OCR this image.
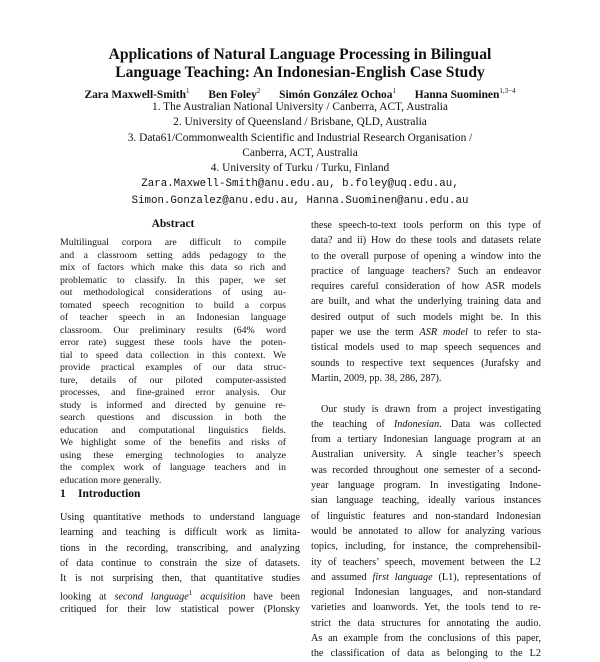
Applications of Natural Language Processing in Bilingual
Language Teaching: An Indonesian-English Case Study
Zara Maxwell-Smith$^1$ Ben Foley$^2$ Simón González Ochoa$^1$ Hanna Suominen$^{1,3-4}$
1. The Australian National University / Canberra, ACT, Australia
2. University of Queensland / Brisbane, QLD, Australia
3. Data61/Commonwealth Scientific and Industrial Research Organisation /
Canberra, ACT, Australia
4. University of Turku / Turku, Finland
Zara.Maxwell-Smith@anu.edu.au, b.foley@uq.edu.au,
Simon.Gonzalez@anu.edu.au, Hanna.Suominen@anu.edu.au
Abstract
Multilingual corpora are difficult to compile
and a classroom setting adds pedagogy to the
mix of factors which make this data so rich and
problematic to classify. In this paper, we set
out methodological considerations of using au-
tomated speech recognition to build a corpus
of teacher speech in an Indonesian language
classroom. Our preliminary results (64% word
error rate) suggest these tools have the poten-
tial to speed data collection in this context. We
provide practical examples of our data struc-
ture, details of our piloted computer-assisted
processes, and fine-grained error analysis. Our
study is informed and directed by genuine re-
search questions and discussion in both the
education and computational linguistics fields.
We highlight some of the benefits and risks of
using these emerging technologies to analyze
the complex work of language teachers and in
education more generally.
1 Introduction
Using quantitative methods to understand language
learning and teaching is difficult work as limita-
tions in the recording, transcribing, and analyzing
of data continue to constrain the size of datasets.
It is not surprising then, that quantitative studies
looking at second language$^1$ acquisition have been
critiqued for their low statistical power (Plonsky
these speech-to-text tools perform on this type of
data? and ii) How do these tools and datasets relate
to the overall purpose of opening a window into the
practice of language teachers? Such an endeavor
requires careful consideration of how ASR models
are built, and what the underlying training data and
desired output of such models might be. In this
paper we use the term ASR model to refer to sta-
tistical models used to map speech sequences and
sounds to respective text sequences (Jurafsky and
Martin, 2009, pp. 38, 286, 287).
Our study is drawn from a project investigating
the teaching of Indonesian. Data was collected
from a tertiary Indonesian language program at an
Australian university. A single teacher’s speech
was recorded throughout one semester of a second-
year language program. In investigating Indone-
sian language teaching, ideally various instances
of linguistic features and non-standard Indonesian
would be annotated to allow for analyzing various
topics, including, for instance, the comprehensibil-
ity of teachers’ speech, movement between the L2
and assumed first language (L1), representations of
regional Indonesian languages, and non-standard
varieties and loanwords. Yet, the tools tend to re-
strict the data structures for annotating the audio.
As an example from the conclusions of this paper,
the classification of data as belonging to the L2
